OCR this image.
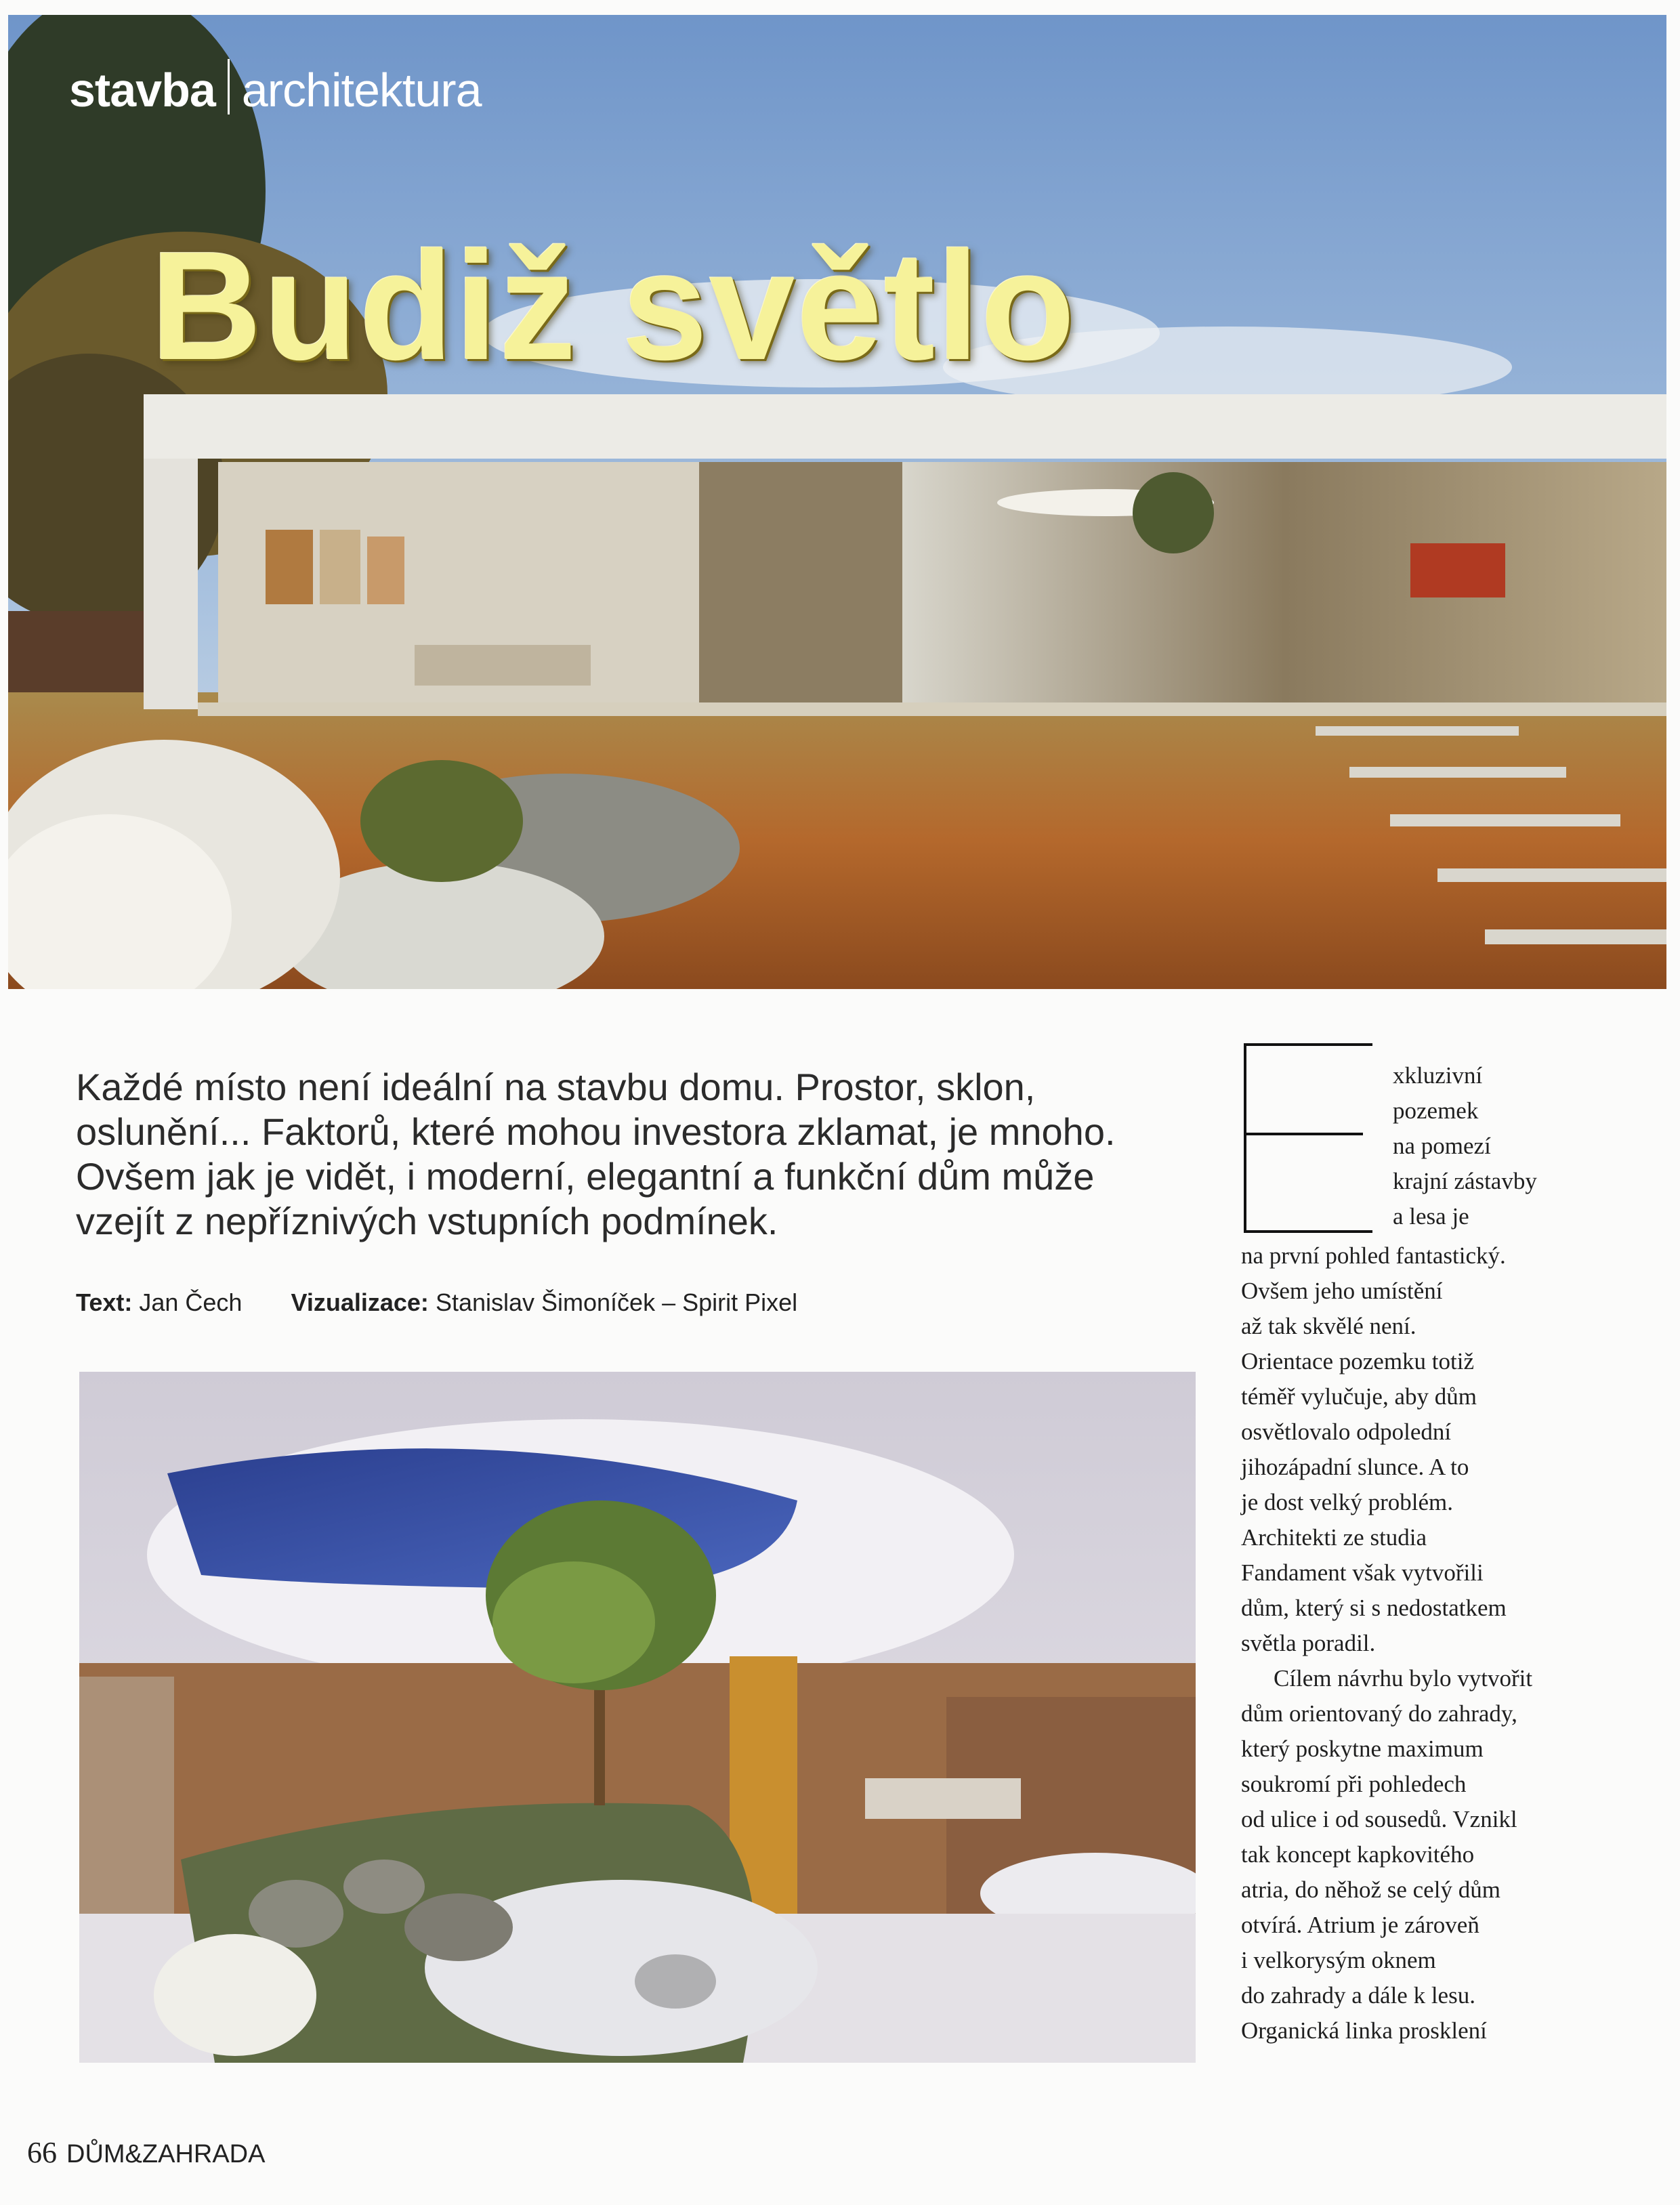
stavba architektura
Budiž světlo
Každé místo není ideální na stavbu domu. Prostor, sklon, oslunění... Faktorů, které mohou investora zklamat, je mnoho. Ovšem jak je vidět, i moderní, elegantní a funkční dům může vzejít z nepříznivých vstupních podmínek.
Text: Jan Čech Vizualizace: Stanislav Šimoníček – Spirit Pixel
xkluzivní
pozemek
na pomezí
krajní zástavby
a lesa je
na první pohled fantastický.
Ovšem jeho umístění
až tak skvělé není.
Orientace pozemku totiž
téměř vylučuje, aby dům
osvětlovalo odpolední
jihozápadní slunce. A to
je dost velký problém.
Architekti ze studia
Fandament však vytvořili
dům, který si s nedostatkem
světla poradil.
Cílem návrhu bylo vytvořit
dům orientovaný do zahrady,
který poskytne maximum
soukromí při pohledech
od ulice i od sousedů. Vznikl
tak koncept kapkovitého
atria, do něhož se celý dům
otvírá. Atrium je zároveň
i velkorysým oknem
do zahrady a dále k lesu.
Organická linka prosklení
66 DŮM&ZAHRADA
